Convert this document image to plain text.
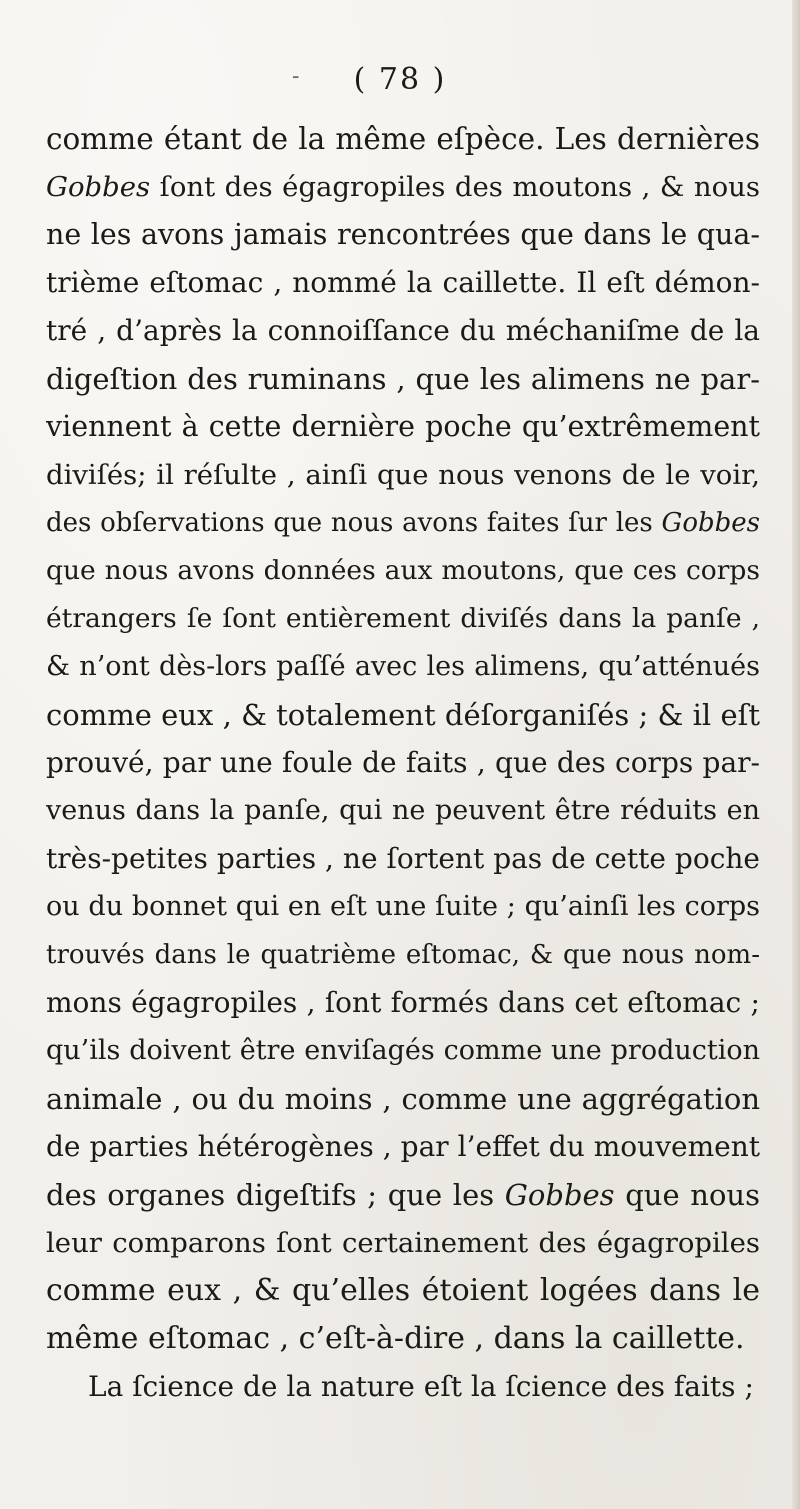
- ( 78 )
comme étant de la même eſpèce. Les dernières
Gobbes ſont des égagropiles des moutons , & nous
ne les avons jamais rencontrées que dans le qua-
trième eſtomac , nommé la caillette. Il eſt démon-
tré , d’après la connoiſſance du méchaniſme de la
digeſtion des ruminans , que les alimens ne par-
viennent à cette dernière poche qu’extrêmement
diviſés; il réſulte , ainſi que nous venons de le voir,
des obſervations que nous avons faites ſur les Gobbes
que nous avons données aux moutons, que ces corps
étrangers ſe ſont entièrement diviſés dans la panſe ,
& n’ont dès-lors paſſé avec les alimens, qu’atténués
comme eux , & totalement déſorganiſés ; & il eſt
prouvé, par une foule de faits , que des corps par-
venus dans la panſe, qui ne peuvent être réduits en
très-petites parties , ne ſortent pas de cette poche
ou du bonnet qui en eſt une ſuite ; qu’ainſi les corps
trouvés dans le quatrième eſtomac, & que nous nom-
mons égagropiles , ſont formés dans cet eſtomac ;
qu’ils doivent être enviſagés comme une production
animale , ou du moins , comme une aggrégation
de parties hétérogènes , par l’effet du mouvement
des organes digeſtifs ; que les Gobbes que nous
leur comparons ſont certainement des égagropiles
comme eux , & qu’elles étoient logées dans le
même eſtomac , c’eſt-à-dire , dans la caillette.
La ſcience de la nature eſt la ſcience des faits ;
